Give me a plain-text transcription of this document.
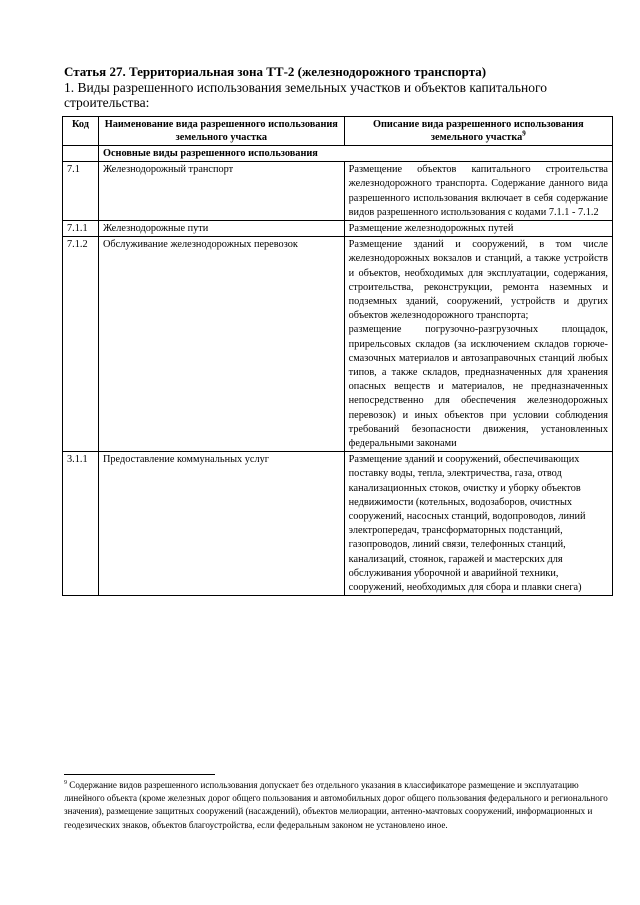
Статья 27. Территориальная зона ТТ-2 (железнодорожного транспорта)
1. Виды разрешенного использования земельных участков и объектов капитального строительства:
Код	Наименование вида разрешенного использования земельного участка	Описание вида разрешенного использования земельного участка$^9$
	Основные виды разрешенного использования	
7.1	Железнодорожный транспорт	Размещение объектов капитального строительства железнодорожного транспорта. Содержание данного вида разрешенного использования включает в себя содержание видов разрешенного использования с кодами 7.1.1 - 7.1.2
7.1.1	Железнодорожные пути	Размещение железнодорожных путей
7.1.2	Обслуживание железнодорожных перевозок	Размещение зданий и сооружений, в том числе железнодорожных вокзалов и станций, а также устройств и объектов, необходимых для эксплуатации, содержания, строительства, реконструкции, ремонта наземных и подземных зданий, сооружений, устройств и других объектов железнодорожного транспорта;
размещение погрузочно-разгрузочных площадок, прирельсовых складов (за исключением складов горюче-смазочных материалов и автозаправочных станций любых типов, а также складов, предназначенных для хранения опасных веществ и материалов, не предназначенных непосредственно для обеспечения железнодорожных перевозок) и иных объектов при условии соблюдения требований безопасности движения, установленных федеральными законами

3.1.1	Предоставление коммунальных услуг	Размещение зданий и сооружений, обеспечивающих поставку воды, тепла, электричества, газа, отвод канализационных стоков, очистку и уборку объектов недвижимости (котельных, водозаборов, очистных сооружений, насосных станций, водопроводов, линий электропередач, трансформаторных подстанций, газопроводов, линий связи, телефонных станций, канализаций, стоянок, гаражей и мастерских для обслуживания уборочной и аварийной техники, сооружений, необходимых для сбора и плавки снега)
$^9$ Содержание видов разрешенного использования допускает без отдельного указания в классификаторе размещение и эксплуатацию линейного объекта (кроме железных дорог общего пользования и автомобильных дорог общего пользования федерального и регионального значения), размещение защитных сооружений (насаждений), объектов мелиорации, антенно-мачтовых сооружений, информационных и геодезических знаков, объектов благоустройства, если федеральным законом не установлено иное.
